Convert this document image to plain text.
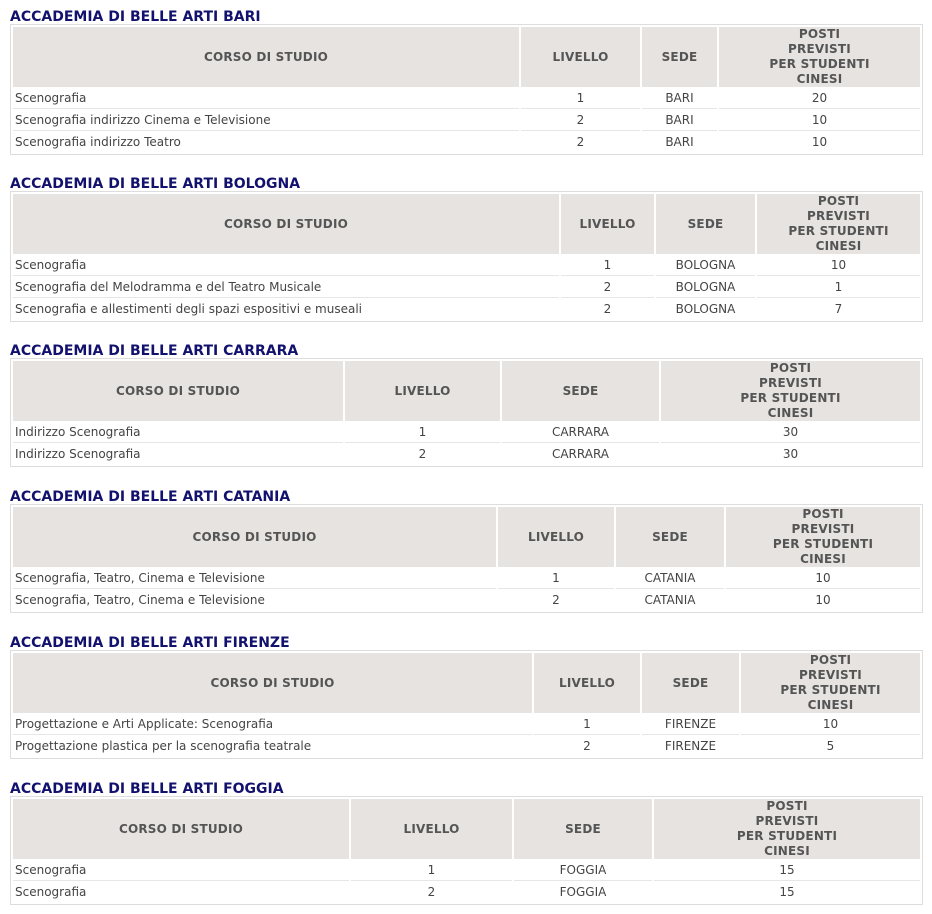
ACCADEMIA DI BELLE ARTI BARI
CORSO DI STUDIO	LIVELLO	SEDE	POSTI
PREVISTI
PER STUDENTI
CINESI
Scenografia	1	BARI	20
Scenografia indirizzo Cinema e Televisione	2	BARI	10
Scenografia indirizzo Teatro	2	BARI	10
ACCADEMIA DI BELLE ARTI BOLOGNA
CORSO DI STUDIO	LIVELLO	SEDE	POSTI
PREVISTI
PER STUDENTI
CINESI
Scenografia	1	BOLOGNA	10
Scenografia del Melodramma e del Teatro Musicale	2	BOLOGNA	1
Scenografia e allestimenti degli spazi espositivi e museali	2	BOLOGNA	7
ACCADEMIA DI BELLE ARTI CARRARA
CORSO DI STUDIO	LIVELLO	SEDE	POSTI
PREVISTI
PER STUDENTI
CINESI
Indirizzo Scenografia	1	CARRARA	30
Indirizzo Scenografia	2	CARRARA	30
ACCADEMIA DI BELLE ARTI CATANIA
CORSO DI STUDIO	LIVELLO	SEDE	POSTI
PREVISTI
PER STUDENTI
CINESI
Scenografia, Teatro, Cinema e Televisione	1	CATANIA	10
Scenografia, Teatro, Cinema e Televisione	2	CATANIA	10
ACCADEMIA DI BELLE ARTI FIRENZE
CORSO DI STUDIO	LIVELLO	SEDE	POSTI
PREVISTI
PER STUDENTI
CINESI
Progettazione e Arti Applicate: Scenografia	1	FIRENZE	10
Progettazione plastica per la scenografia teatrale	2	FIRENZE	5
ACCADEMIA DI BELLE ARTI FOGGIA
CORSO DI STUDIO	LIVELLO	SEDE	POSTI
PREVISTI
PER STUDENTI
CINESI
Scenografia	1	FOGGIA	15
Scenografia	2	FOGGIA	15
